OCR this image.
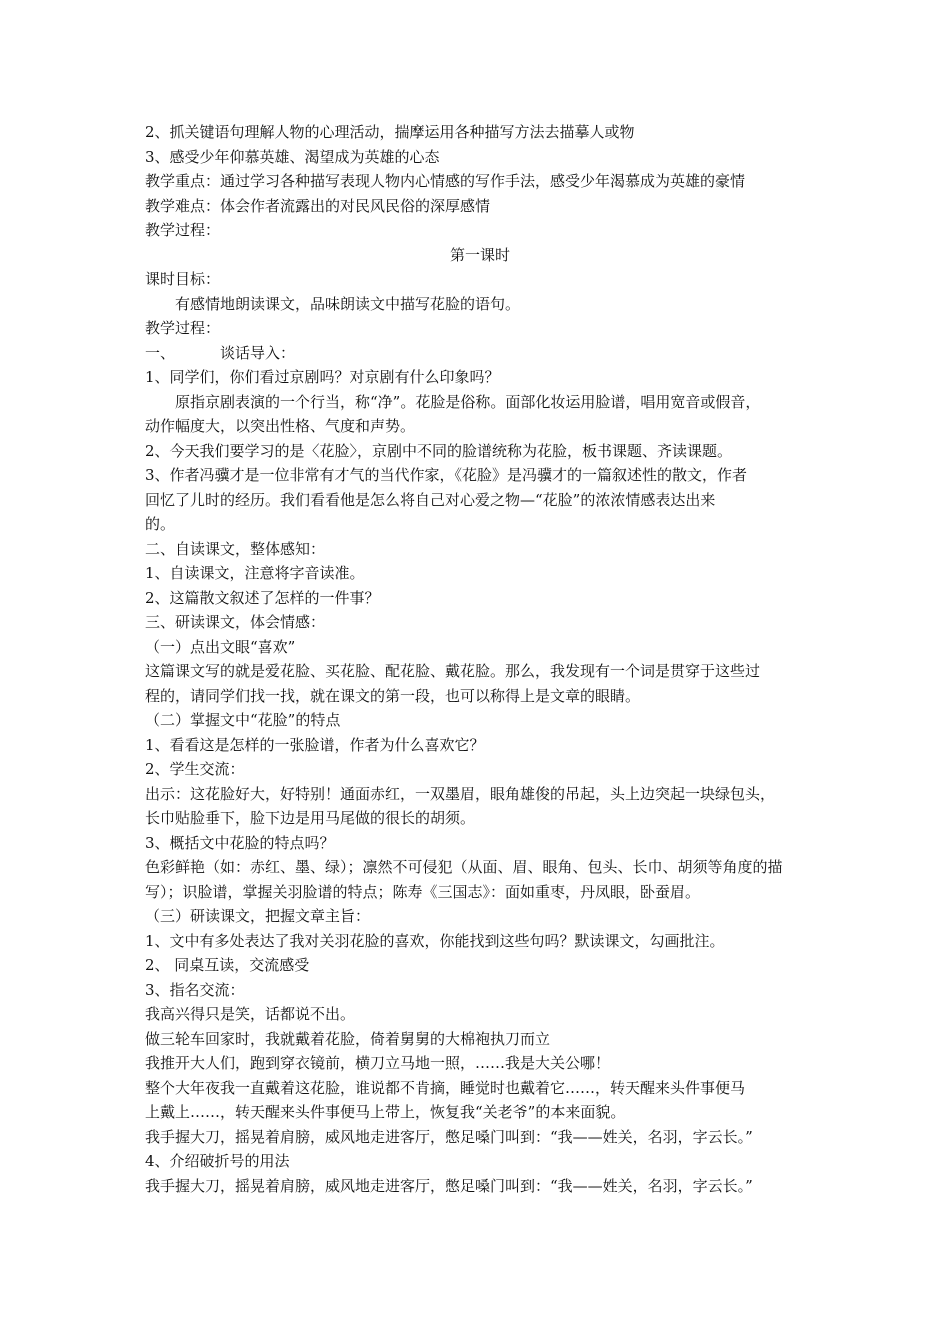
2、抓关键语句理解人物的心理活动，揣摩运用各种描写方法去描摹人或物
3、感受少年仰慕英雄、渴望成为英雄的心态
教学重点：通过学习各种描写表现人物内心情感的写作手法，感受少年渴慕成为英雄的豪情
教学难点：体会作者流露出的对民风民俗的深厚感情
教学过程：
第一课时
课时目标：
有感情地朗读课文，品味朗读文中描写花脸的语句。
教学过程：
一、	谈话导入：
1、同学们，你们看过京剧吗？对京剧有什么印象吗？
原指京剧表演的一个行当，称“净”。花脸是俗称。面部化妆运用脸谱，唱用宽音或假音，
动作幅度大，以突出性格、气度和声势。
2、今天我们要学习的是〈花脸〉，京剧中不同的脸谱统称为花脸，板书课题、齐读课题。
3、作者冯骥才是一位非常有才气的当代作家，《花脸》是冯骥才的一篇叙述性的散文，作者
回忆了儿时的经历。我们看看他是怎么将自己对心爱之物—“花脸”的浓浓情感表达出来
的。
二、自读课文，整体感知：
1、自读课文，注意将字音读准。
2、这篇散文叙述了怎样的一件事？
三、研读课文，体会情感：
（一）点出文眼“喜欢”
这篇课文写的就是爱花脸、买花脸、配花脸、戴花脸。那么，我发现有一个词是贯穿于这些过
程的，请同学们找一找，就在课文的第一段，也可以称得上是文章的眼睛。
（二）掌握文中“花脸”的特点
1、看看这是怎样的一张脸谱，作者为什么喜欢它？
2、学生交流：
出示：这花脸好大，好特别！通面赤红，一双墨眉，眼角雄俊的吊起，头上边突起一块绿包头，
长巾贴脸垂下，脸下边是用马尾做的很长的胡须。
3、概括文中花脸的特点吗？
色彩鲜艳（如：赤红、墨、绿）；凛然不可侵犯（从面、眉、眼角、包头、长巾、胡须等角度的描
写）；识脸谱，掌握关羽脸谱的特点；陈寿《三国志》：面如重枣，丹凤眼，卧蚕眉。
（三）研读课文，把握文章主旨：
1、文中有多处表达了我对关羽花脸的喜欢，你能找到这些句吗？默读课文，勾画批注。
2、 同桌互读，交流感受
3、指名交流：
我高兴得只是笑，话都说不出。
做三轮车回家时，我就戴着花脸，倚着舅舅的大棉袍执刀而立
我推开大人们，跑到穿衣镜前，横刀立马地一照，……我是大关公哪！
整个大年夜我一直戴着这花脸，谁说都不肯摘，睡觉时也戴着它……，转天醒来头件事便马
上戴上……，转天醒来头件事便马上带上，恢复我“关老爷”的本来面貌。
我手握大刀，摇晃着肩膀，威风地走进客厅，憋足嗓门叫到：“我——姓关，名羽，字云长。”
4、介绍破折号的用法
我手握大刀，摇晃着肩膀，威风地走进客厅，憋足嗓门叫到：“我——姓关，名羽，字云长。”
